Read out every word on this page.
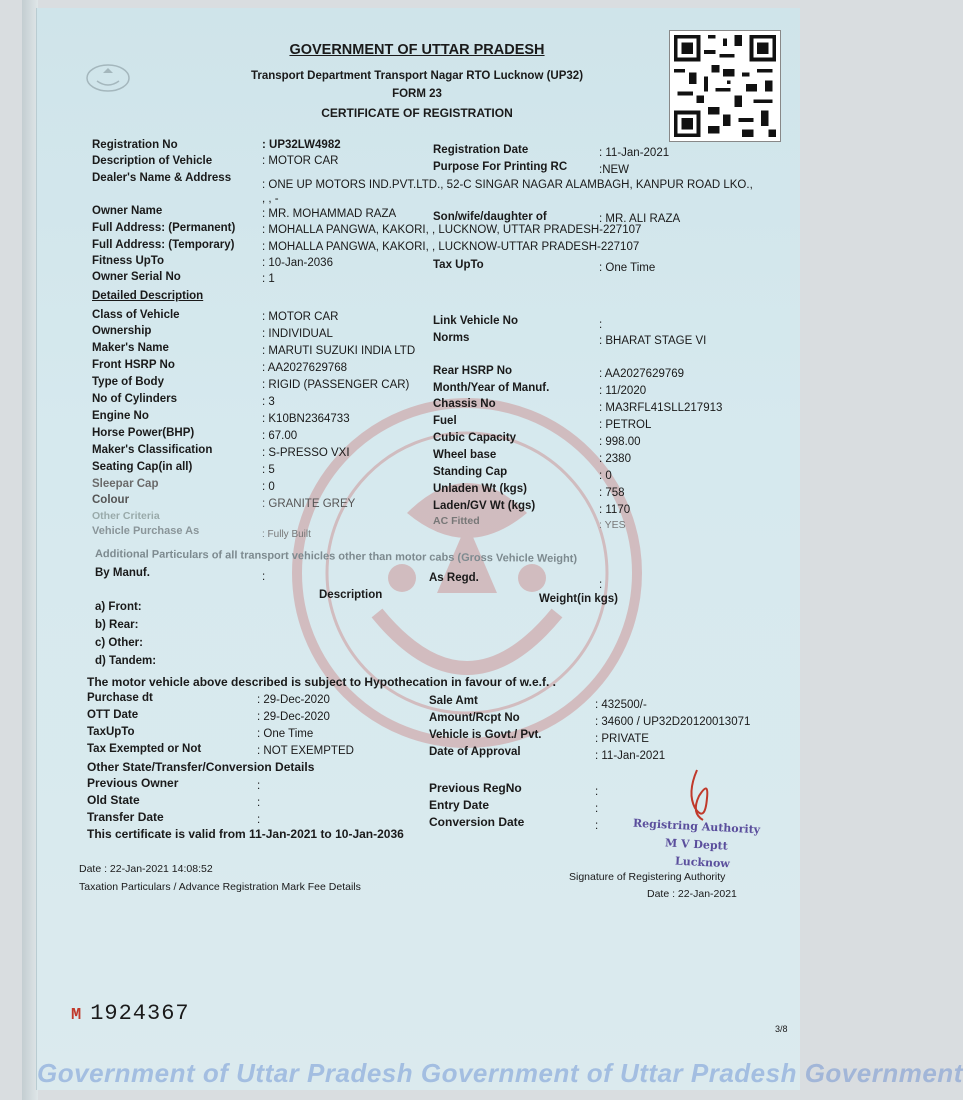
GOVERNMENT OF UTTAR PRADESH
Transport Department Transport Nagar RTO Lucknow (UP32)
FORM 23
CERTIFICATE OF REGISTRATION
Registration No	: UP32LW4982	Registration Date	: 11-Jan-2021
Description of Vehicle	: MOTOR CAR	Purpose For Printing RC	:NEW
Dealer's Name & Address
: ONE UP MOTORS IND.PVT.LTD., 52-C SINGAR NAGAR ALAMBAGH, KANPUR ROAD LKO.,
, , -
Owner Name	: MR. MOHAMMAD RAZA	Son/wife/daughter of	: MR. ALI RAZA
Full Address: (Permanent) : MOHALLA PANGWA, KAKORI, , LUCKNOW, UTTAR PRADESH-227107
Full Address: (Temporary) : MOHALLA PANGWA, KAKORI, , LUCKNOW-UTTAR PRADESH-227107
Fitness UpTo	: 10-Jan-2036	Tax UpTo	: One Time
Owner Serial No	: 1
Detailed Description
Class of Vehicle	: MOTOR CAR	Link Vehicle No	:
Ownership	: INDIVIDUAL	Norms	: BHARAT STAGE VI
Maker's Name	: MARUTI SUZUKI INDIA LTD
Front HSRP No	: AA2027629768	Rear HSRP No	: AA2027629769
Type of Body	: RIGID (PASSENGER CAR) Month/Year of Manuf.	: 11/2020
No of Cylinders	: 3	Chassis No	: MA3RFL41SLL217913
Engine No	: K10BN2364733	Fuel	: PETROL
Horse Power(BHP)	: 67.00	Cubic Capacity	: 998.00
Maker's Classification	: S-PRESSO VXI	Wheel base	: 2380
Seating Cap(in all)	: 5	Standing Cap	: 0
Sleepar Cap	: 0	Unladen Wt (kgs)	: 758
Colour	: GRANITE GREY	Laden/GV Wt (kgs)	: 1170
Other Criteria
Vehicle Purchase As	: Fully Built
AC Fitted	: YES
Additional Particulars of all transport vehicles other than motor cabs (Gross Vehicle Weight)
By Manuf.	:	As Regd.
:
Description	Weight(in kgs)
a) Front:
b) Rear:
c) Other:
d) Tandem:
The motor vehicle above described is subject to Hypothecation in favour of w.e.f. .
Purchase dt	: 29-Dec-2020	Sale Amt	: 432500/-
OTT Date	: 29-Dec-2020	Amount/Rcpt No	: 34600 / UP32D20120013071
TaxUpTo	: One Time	Vehicle is Govt./ Pvt.	: PRIVATE
Tax Exempted or Not	: NOT EXEMPTED	Date of Approval	: 11-Jan-2021
Other State/Transfer/Conversion Details
Previous Owner	:	Previous RegNo	:
Old State	:	Entry Date	:
Transfer Date	:	Conversion Date	:
This certificate is valid from 11-Jan-2021 to 10-Jan-2036
Date : 22-Jan-2021 14:08:52
Taxation Particulars / Advance Registration Mark Fee Details
Signature of Registering Authority
Date : 22-Jan-2021
Registring Authority
M V Deptt
Lucknow
M 1924367
3/8
Government of Uttar Pradesh Government of Uttar Pradesh Government
